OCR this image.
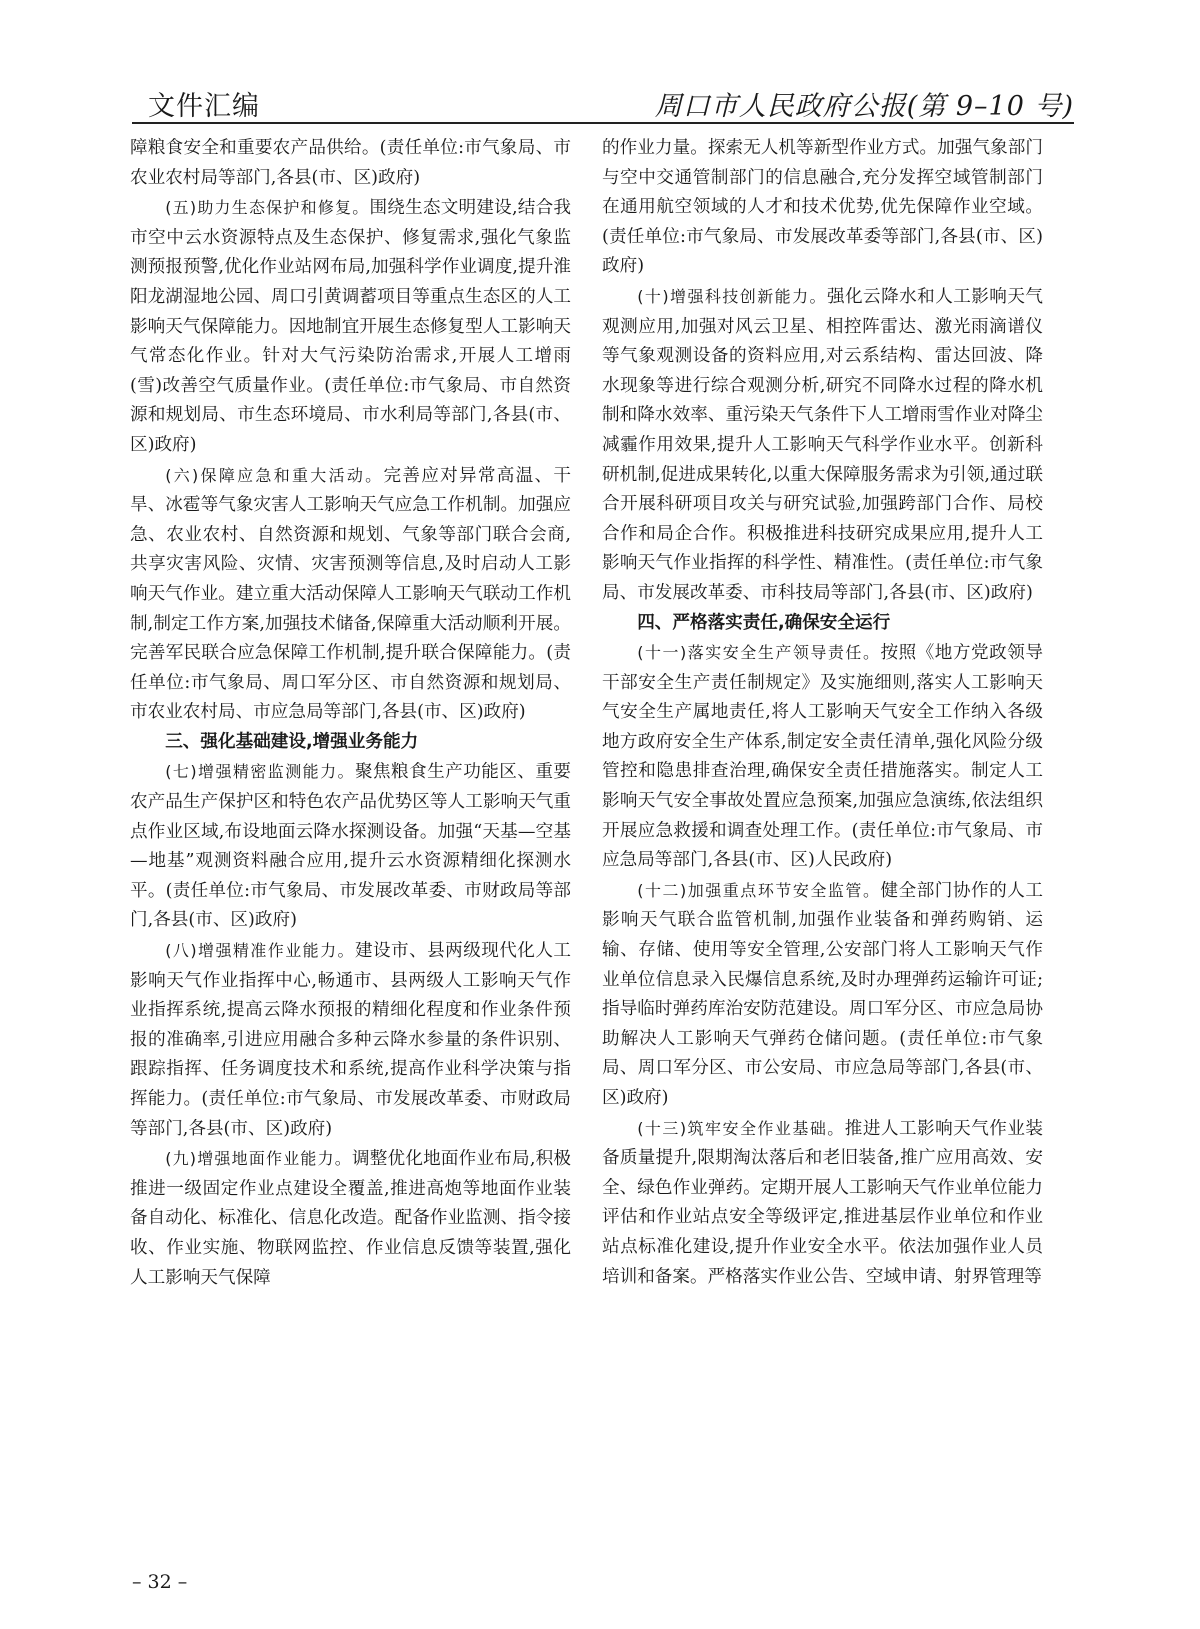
文件汇编	周口市人民政府公报(第 9–10 号)

障粮食安全和重要农产品供给。(责任单位:市气象局、市农业农村局等部门,各县(市、区)政府)

(五)助力生态保护和修复。围绕生态文明建设,结合我市空中云水资源特点及生态保护、修复需求,强化气象监测预报预警,优化作业站网布局,加强科学作业调度,提升淮阳龙湖湿地公园、周口引黄调蓄项目等重点生态区的人工影响天气保障能力。因地制宜开展生态修复型人工影响天气常态化作业。针对大气污染防治需求,开展人工增雨(雪)改善空气质量作业。(责任单位:市气象局、市自然资源和规划局、市生态环境局、市水利局等部门,各县(市、区)政府)

(六)保障应急和重大活动。完善应对异常高温、干旱、冰雹等气象灾害人工影响天气应急工作机制。加强应急、农业农村、自然资源和规划、气象等部门联合会商,共享灾害风险、灾情、灾害预测等信息,及时启动人工影响天气作业。建立重大活动保障人工影响天气联动工作机制,制定工作方案,加强技术储备,保障重大活动顺利开展。完善军民联合应急保障工作机制,提升联合保障能力。(责任单位:市气象局、周口军分区、市自然资源和规划局、市农业农村局、市应急局等部门,各县(市、区)政府)

三、强化基础建设,增强业务能力

(七)增强精密监测能力。聚焦粮食生产功能区、重要农产品生产保护区和特色农产品优势区等人工影响天气重点作业区域,布设地面云降水探测设备。加强“天基—空基—地基”观测资料融合应用,提升云水资源精细化探测水平。(责任单位:市气象局、市发展改革委、市财政局等部门,各县(市、区)政府)

(八)增强精准作业能力。建设市、县两级现代化人工影响天气作业指挥中心,畅通市、县两级人工影响天气作业指挥系统,提高云降水预报的精细化程度和作业条件预报的准确率,引进应用融合多种云降水参量的条件识别、跟踪指挥、任务调度技术和系统,提高作业科学决策与指挥能力。(责任单位:市气象局、市发展改革委、市财政局等部门,各县(市、区)政府)

(九)增强地面作业能力。调整优化地面作业布局,积极推进一级固定作业点建设全覆盖,推进高炮等地面作业装备自动化、标准化、信息化改造。配备作业监测、指令接收、作业实施、物联网监控、作业信息反馈等装置,强化人工影响天气保障

的作业力量。探索无人机等新型作业方式。加强气象部门与空中交通管制部门的信息融合,充分发挥空域管制部门在通用航空领域的人才和技术优势,优先保障作业空域。(责任单位:市气象局、市发展改革委等部门,各县(市、区)政府)

(十)增强科技创新能力。强化云降水和人工影响天气观测应用,加强对风云卫星、相控阵雷达、激光雨滴谱仪等气象观测设备的资料应用,对云系结构、雷达回波、降水现象等进行综合观测分析,研究不同降水过程的降水机制和降水效率、重污染天气条件下人工增雨雪作业对降尘减霾作用效果,提升人工影响天气科学作业水平。创新科研机制,促进成果转化,以重大保障服务需求为引领,通过联合开展科研项目攻关与研究试验,加强跨部门合作、局校合作和局企合作。积极推进科技研究成果应用,提升人工影响天气作业指挥的科学性、精准性。(责任单位:市气象局、市发展改革委、市科技局等部门,各县(市、区)政府)

四、严格落实责任,确保安全运行

(十一)落实安全生产领导责任。按照《地方党政领导干部安全生产责任制规定》及实施细则,落实人工影响天气安全生产属地责任,将人工影响天气安全工作纳入各级地方政府安全生产体系,制定安全责任清单,强化风险分级管控和隐患排查治理,确保安全责任措施落实。制定人工影响天气安全事故处置应急预案,加强应急演练,依法组织开展应急救援和调查处理工作。(责任单位:市气象局、市应急局等部门,各县(市、区)人民政府)

(十二)加强重点环节安全监管。健全部门协作的人工影响天气联合监管机制,加强作业装备和弹药购销、运输、存储、使用等安全管理,公安部门将人工影响天气作业单位信息录入民爆信息系统,及时办理弹药运输许可证;指导临时弹药库治安防范建设。周口军分区、市应急局协助解决人工影响天气弹药仓储问题。(责任单位:市气象局、周口军分区、市公安局、市应急局等部门,各县(市、区)政府)

(十三)筑牢安全作业基础。推进人工影响天气作业装备质量提升,限期淘汰落后和老旧装备,推广应用高效、安全、绿色作业弹药。定期开展人工影响天气作业单位能力评估和作业站点安全等级评定,推进基层作业单位和作业站点标准化建设,提升作业安全水平。依法加强作业人员培训和备案。严格落实作业公告、空域申请、射界管理等

– 32 –
